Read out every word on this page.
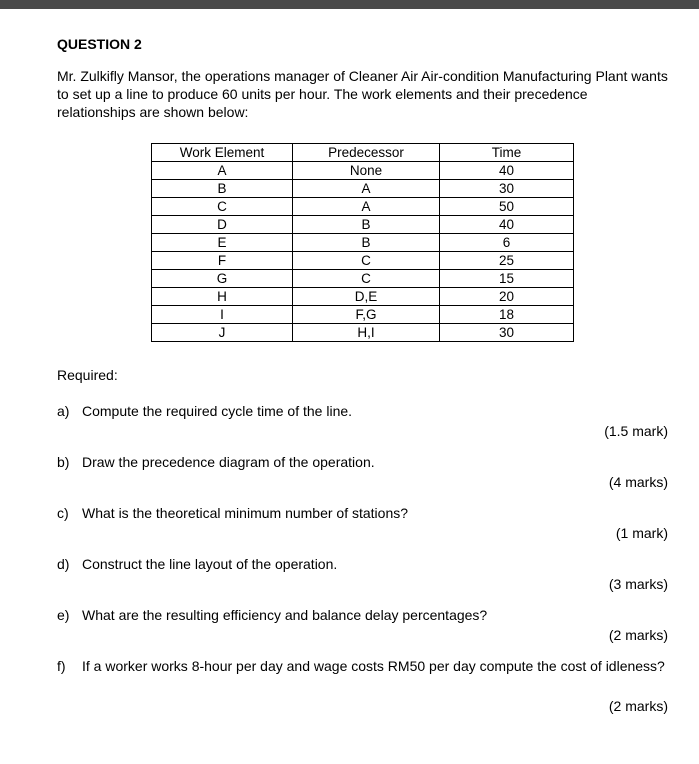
QUESTION 2
Mr. Zulkifly Mansor, the operations manager of Cleaner Air Air-condition Manufacturing Plant wants to set up a line to produce 60 units per hour. The work elements and their precedence relationships are shown below:
Work Element	Predecessor	Time
A	None	40
B	A	30
C	A	50
D	B	40
E	B	6
F	C	25
G	C	15
H	D,E	20
I	F,G	18
J	H,I	30
Required:
a) Compute the required cycle time of the line.
(1.5 mark)
b) Draw the precedence diagram of the operation.
(4 marks)
c) What is the theoretical minimum number of stations?
(1 mark)
d) Construct the line layout of the operation.
(3 marks)
e) What are the resulting efficiency and balance delay percentages?
(2 marks)
f)	If a worker works 8-hour per day and wage costs RM50 per day compute the cost of idleness?
(2 marks)
